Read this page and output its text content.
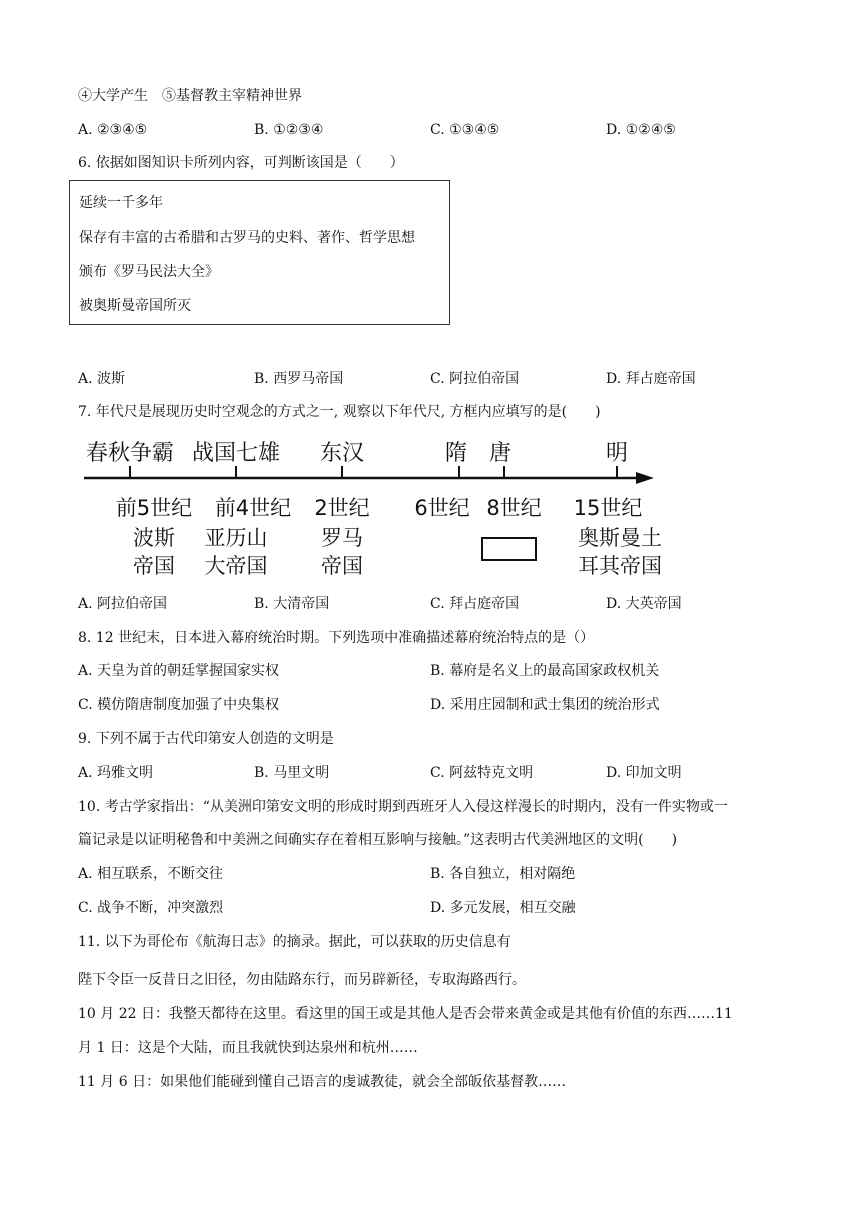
④大学产生 ⑤基督教主宰精神世界
A. ②③④⑤	B. ①②③④	C. ①③④⑤	D. ①②④⑤
6. 依据如图知识卡所列内容，可判断该国是（　　）
延续一千多年
保存有丰富的古希腊和古罗马的史料、著作、哲学思想
颁布《罗马民法大全》
被奥斯曼帝国所灭
A. 波斯	B. 西罗马帝国	C. 阿拉伯帝国	D. 拜占庭帝国
7. 年代尺是展现历史时空观念的方式之一, 观察以下年代尺, 方框内应填写的是(　　)
春秋争霸 战国七雄 东汉	隋 唐	明
前5世纪 前4世纪 2世纪 6世纪 8世纪 15世纪
波斯
帝国
亚历山
大帝国
罗马
帝国
奥斯曼土
耳其帝国
A. 阿拉伯帝国	B. 大清帝国	C. 拜占庭帝国	D. 大英帝国
8. 12 世纪末，日本进入幕府统治时期。下列选项中准确描述幕府统治特点的是（）
A. 天皇为首的朝廷掌握国家实权	B. 幕府是名义上的最高国家政权机关
C. 模仿隋唐制度加强了中央集权	D. 采用庄园制和武士集团的统治形式
9. 下列不属于古代印第安人创造的文明是
A. 玛雅文明	B. 马里文明	C. 阿兹特克文明	D. 印加文明
10. 考古学家指出：“从美洲印第安文明的形成时期到西班牙人入侵这样漫长的时期内，没有一件实物或一
篇记录是以证明秘鲁和中美洲之间确实存在着相互影响与接触。”这表明古代美洲地区的文明(　　)
A. 相互联系，不断交往	B. 各自独立，相对隔绝
C. 战争不断，冲突激烈	D. 多元发展，相互交融
11. 以下为哥伦布《航海日志》的摘录。据此，可以获取的历史信息有
陛下令臣一反昔日之旧径，勿由陆路东行，而另辟新径，专取海路西行。
10 月 22 日：我整天都待在这里。看这里的国王或是其他人是否会带来黄金或是其他有价值的东西……11
月 1 日：这是个大陆，而且我就快到达泉州和杭州……
11 月 6 日：如果他们能碰到懂自己语言的虔诚教徒，就会全部皈依基督教……
